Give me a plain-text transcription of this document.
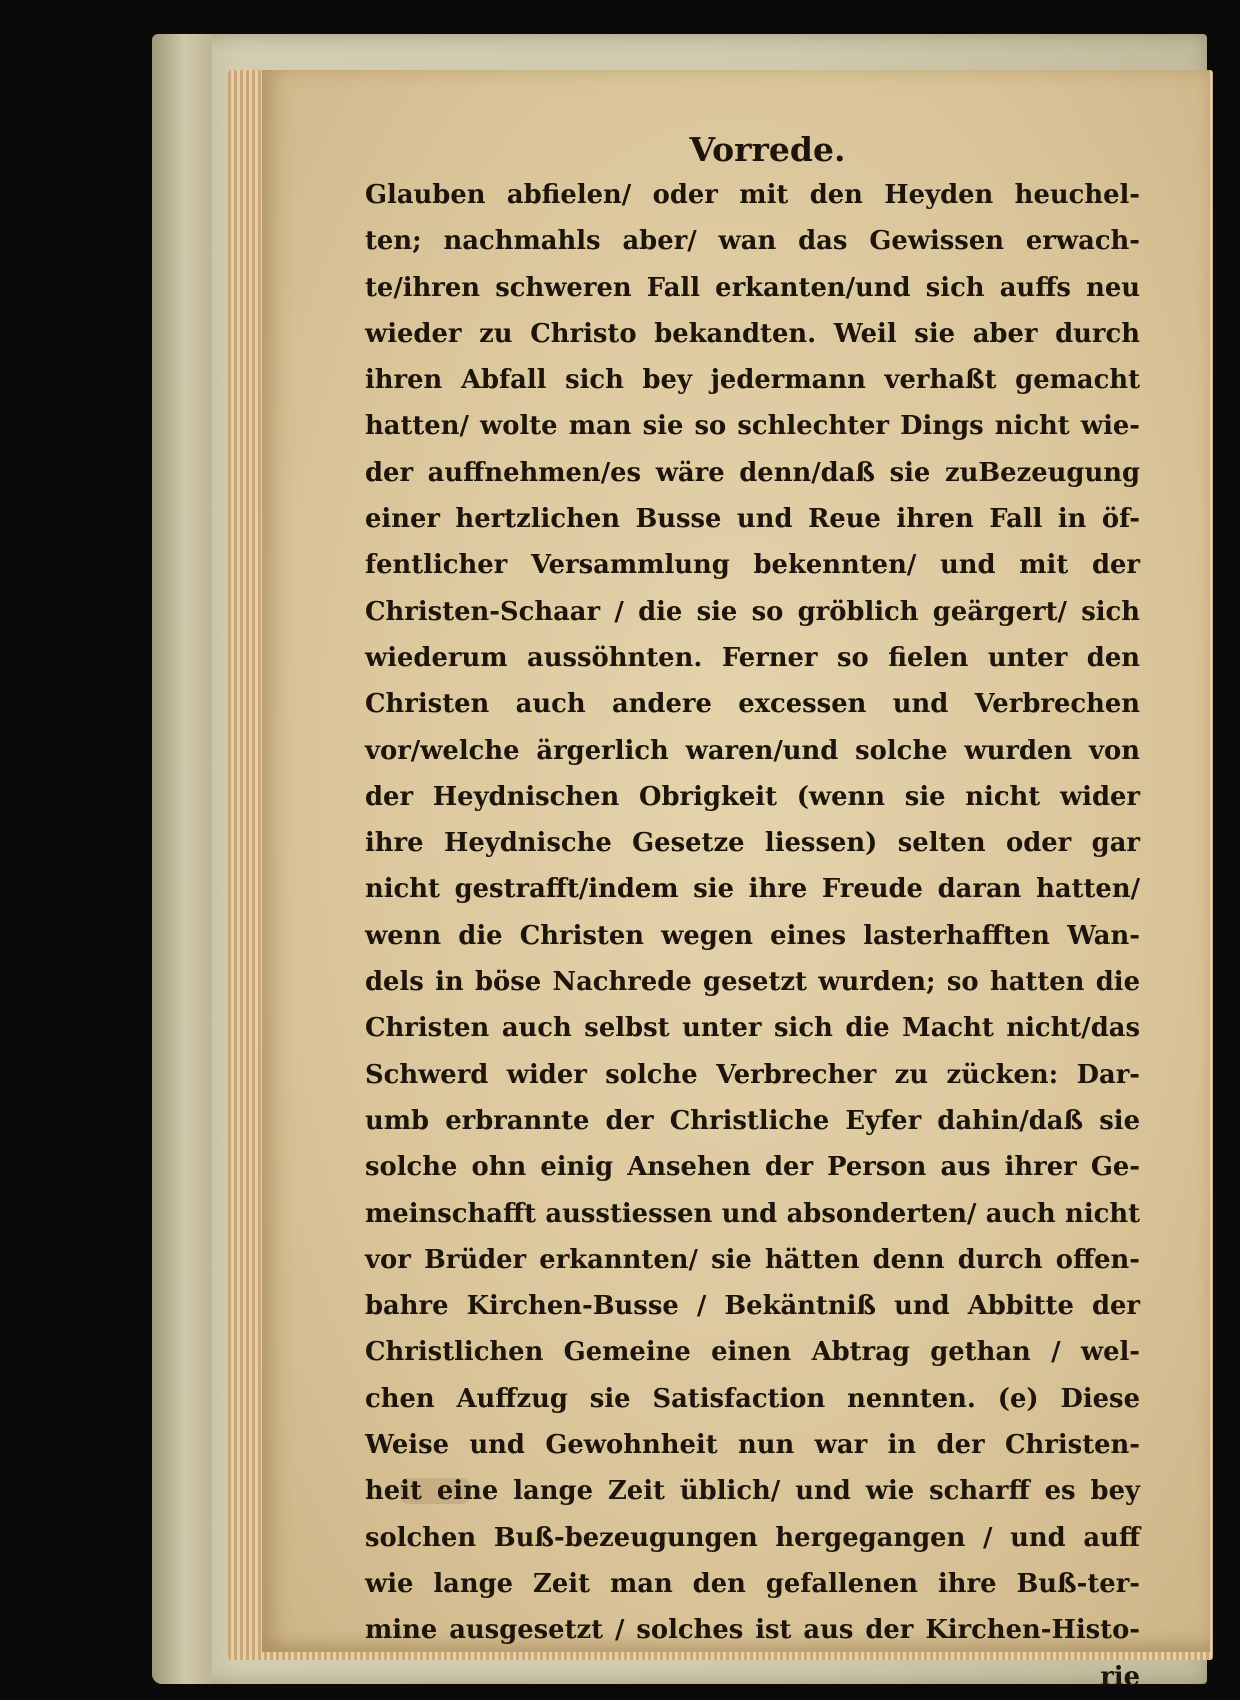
Vorrede.
Glauben abfielen/ oder mit den Heyden heuchel-
ten; nachmahls aber/ wan das Gewissen erwach-
te/ihren schweren Fall erkanten/und sich auffs neu
wieder zu Christo bekandten. Weil sie aber durch
ihren Abfall sich bey jedermann verhaßt gemacht
hatten/ wolte man sie so schlechter Dings nicht wie-
der auffnehmen/es wäre denn/daß sie zuBezeugung
einer hertzlichen Busse und Reue ihren Fall in öf-
fentlicher Versammlung bekennten/ und mit der
Christen-Schaar / die sie so gröblich geärgert/ sich
wiederum aussöhnten. Ferner so fielen unter den
Christen auch andere excessen und Verbrechen
vor/welche ärgerlich waren/und solche wurden von
der Heydnischen Obrigkeit (wenn sie nicht wider
ihre Heydnische Gesetze liessen) selten oder gar
nicht gestrafft/indem sie ihre Freude daran hatten/
wenn die Christen wegen eines lasterhafften Wan-
dels in böse Nachrede gesetzt wurden; so hatten die
Christen auch selbst unter sich die Macht nicht/das
Schwerd wider solche Verbrecher zu zücken: Dar-
umb erbrannte der Christliche Eyfer dahin/daß sie
solche ohn einig Ansehen der Person aus ihrer Ge-
meinschafft ausstiessen und absonderten/ auch nicht
vor Brüder erkannten/ sie hätten denn durch offen-
bahre Kirchen-Busse / Bekäntniß und Abbitte der
Christlichen Gemeine einen Abtrag gethan / wel-
chen Auffzug sie Satisfaction nennten. (e) Diese
Weise und Gewohnheit nun war in der Christen-
heit eine lange Zeit üblich/ und wie scharff es bey
solchen Buß-bezeugungen hergegangen / und auff
wie lange Zeit man den gefallenen ihre Buß-ter-
mine ausgesetzt / solches ist aus der Kirchen-Histo-
rie
